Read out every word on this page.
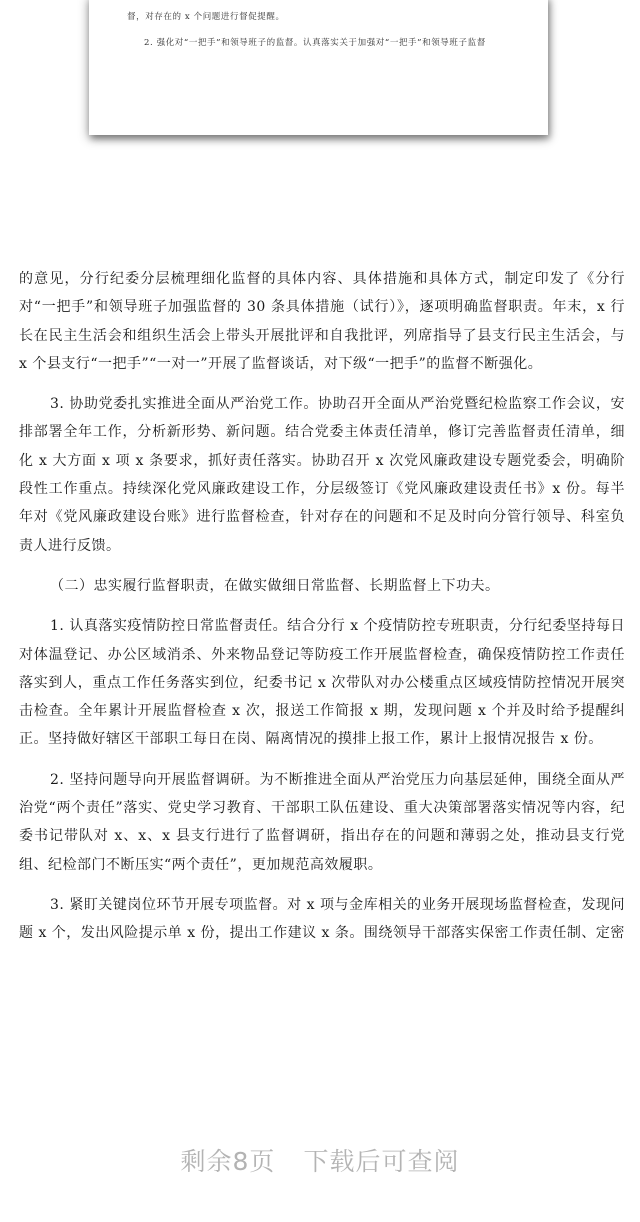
督，对存在的 x 个问题进行督促提醒。
2. 强化对“一把手”和领导班子的监督。认真落实关于加强对“一把手”和领导班子监督

的意见，分行纪委分层梳理细化监督的具体内容、具体措施和具体方式，制定印发了《分行对“一把手”和领导班子加强监督的 30 条具体措施（试行）》，逐项明确监督职责。年末，x 行长在民主生活会和组织生活会上带头开展批评和自我批评，列席指导了县支行民主生活会，与 x 个县支行“一把手”“一对一”开展了监督谈话，对下级“一把手”的监督不断强化。

3. 协助党委扎实推进全面从严治党工作。协助召开全面从严治党暨纪检监察工作会议，安排部署全年工作，分析新形势、新问题。结合党委主体责任清单，修订完善监督责任清单，细化 x 大方面 x 项 x 条要求，抓好责任落实。协助召开 x 次党风廉政建设专题党委会，明确阶段性工作重点。持续深化党风廉政建设工作，分层级签订《党风廉政建设责任书》x 份。每半年对《党风廉政建设台账》进行监督检查，针对存在的问题和不足及时向分管行领导、科室负责人进行反馈。

（二）忠实履行监督职责，在做实做细日常监督、长期监督上下功夫。

1. 认真落实疫情防控日常监督责任。结合分行 x 个疫情防控专班职责，分行纪委坚持每日对体温登记、办公区域消杀、外来物品登记等防疫工作开展监督检查，确保疫情防控工作责任落实到人，重点工作任务落实到位，纪委书记 x 次带队对办公楼重点区域疫情防控情况开展突击检查。全年累计开展监督检查 x 次，报送工作简报 x 期，发现问题 x 个并及时给予提醒纠正。坚持做好辖区干部职工每日在岗、隔离情况的摸排上报工作，累计上报情况报告 x 份。

2. 坚持问题导向开展监督调研。为不断推进全面从严治党压力向基层延伸，围绕全面从严治党“两个责任”落实、党史学习教育、干部职工队伍建设、重大决策部署落实情况等内容，纪委书记带队对 x、x、x 县支行进行了监督调研，指出存在的问题和薄弱之处，推动县支行党组、纪检部门不断压实“两个责任”，更加规范高效履职。

3. 紧盯关键岗位环节开展专项监督。对 x 项与金库相关的业务开展现场监督检查，发现问题 x 个，发出风险提示单 x 份，提出工作建议 x 条。围绕领导干部落实保密工作责任制、定密

剩余8页 下载后可查阅
